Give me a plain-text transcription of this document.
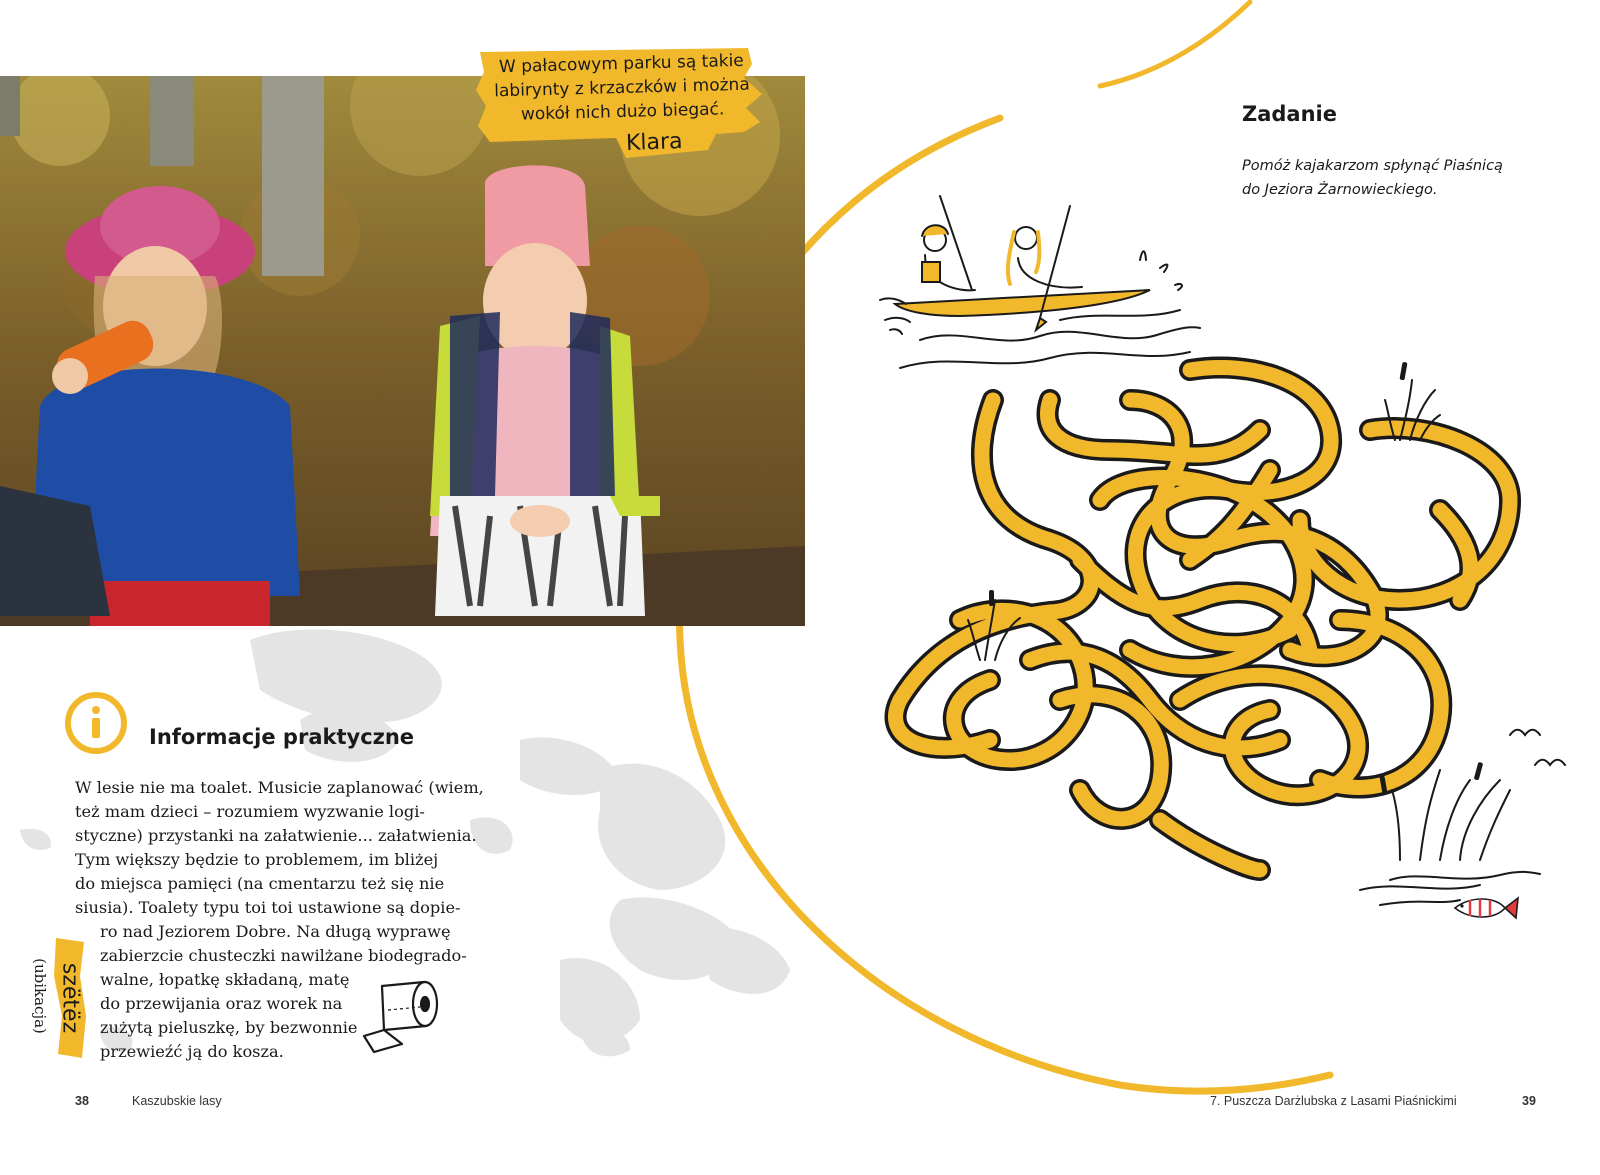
W pałacowym parku są takie
labirynty z krzaczków i można
wokół nich dużo biegać.
Klara
Informacje praktyczne
W lesie nie ma toalet. Musicie zaplanować (wiem,
też mam dzieci – rozumiem wyzwanie logi-
styczne) przystanki na załatwienie... załatwienia.
Tym większy będzie to problemem, im bliżej
do miejsca pamięci (na cmentarzu też się nie
siusia). Toalety typu toi toi ustawione są dopie-
ro nad Jeziorem Dobre. Na długą wyprawę
zabierzcie chusteczki nawilżane biodegrado-
walne, łopatkę składaną, matę
do przewijania oraz worek na
zużytą pieluszkę, by bezwonnie
przewieźć ją do kosza.
szëtëz
(ubikacja)
Zadanie
Pomóż kajakarzom spłynąć Piaśnicą
do Jeziora Żarnowieckiego.
38	Kaszubskie lasy	7. Puszcza Darżlubska z Lasami Piaśnickimi	39
